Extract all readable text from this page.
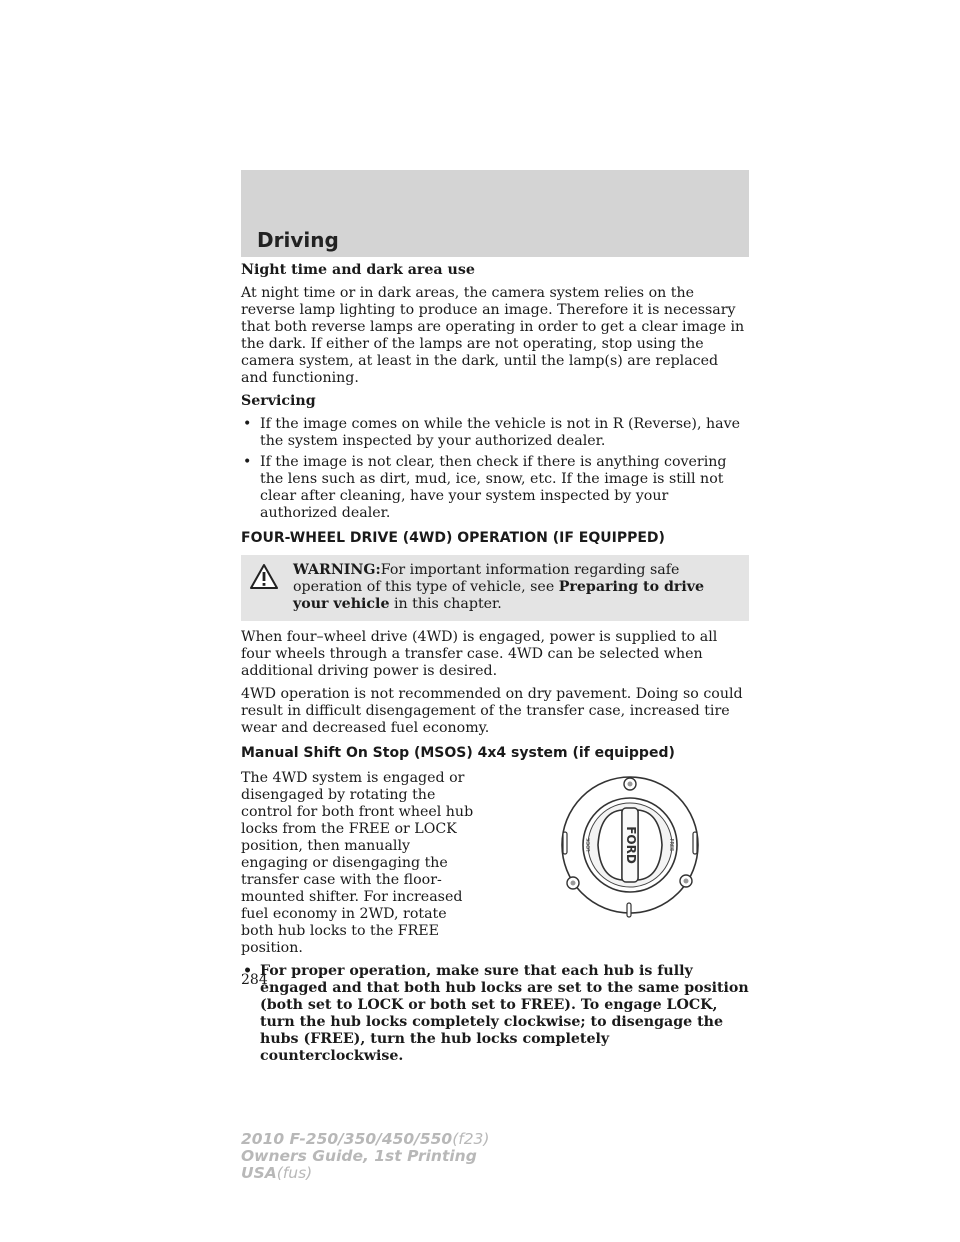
Driving

Night time and dark area use

At night time or in dark areas, the camera system relies on the reverse lamp lighting to produce an image. Therefore it is necessary that both reverse lamps are operating in order to get a clear image in the dark. If either of the lamps are not operating, stop using the camera system, at least in the dark, until the lamp(s) are replaced and functioning.

Servicing

• If the image comes on while the vehicle is not in R (Reverse), have the system inspected by your authorized dealer.
• If the image is not clear, then check if there is anything covering the lens such as dirt, mud, ice, snow, etc. If the image is still not clear after cleaning, have your system inspected by your authorized dealer.
FOUR-WHEEL DRIVE (4WD) OPERATION (IF EQUIPPED)
WARNING:For important information regarding safe operation of this type of vehicle, see Preparing to drive your vehicle in this chapter.

When four–wheel drive (4WD) is engaged, power is supplied to all four wheels through a transfer case. 4WD can be selected when additional driving power is desired.

4WD operation is not recommended on dry pavement. Doing so could result in difficult disengagement of the transfer case, increased tire wear and decreased fuel economy.

Manual Shift On Stop (MSOS) 4x4 system (if equipped)

The 4WD system is engaged or disengaged by rotating the control for both front wheel hub locks from the FREE or LOCK position, then manually engaging or disengaging the transfer case with the floor-mounted shifter. For increased fuel economy in 2WD, rotate both hub locks to the FREE position.

FORD
LOCK	FREE
• For proper operation, make sure that each hub is fully engaged and that both hub locks are set to the same position (both set to LOCK or both set to FREE). To engage LOCK, turn the hub locks completely clockwise; to disengage the hubs (FREE), turn the hub locks completely counterclockwise.
284
2010 F-250/350/450/550(f23)
Owners Guide, 1st Printing
USA(fus)
